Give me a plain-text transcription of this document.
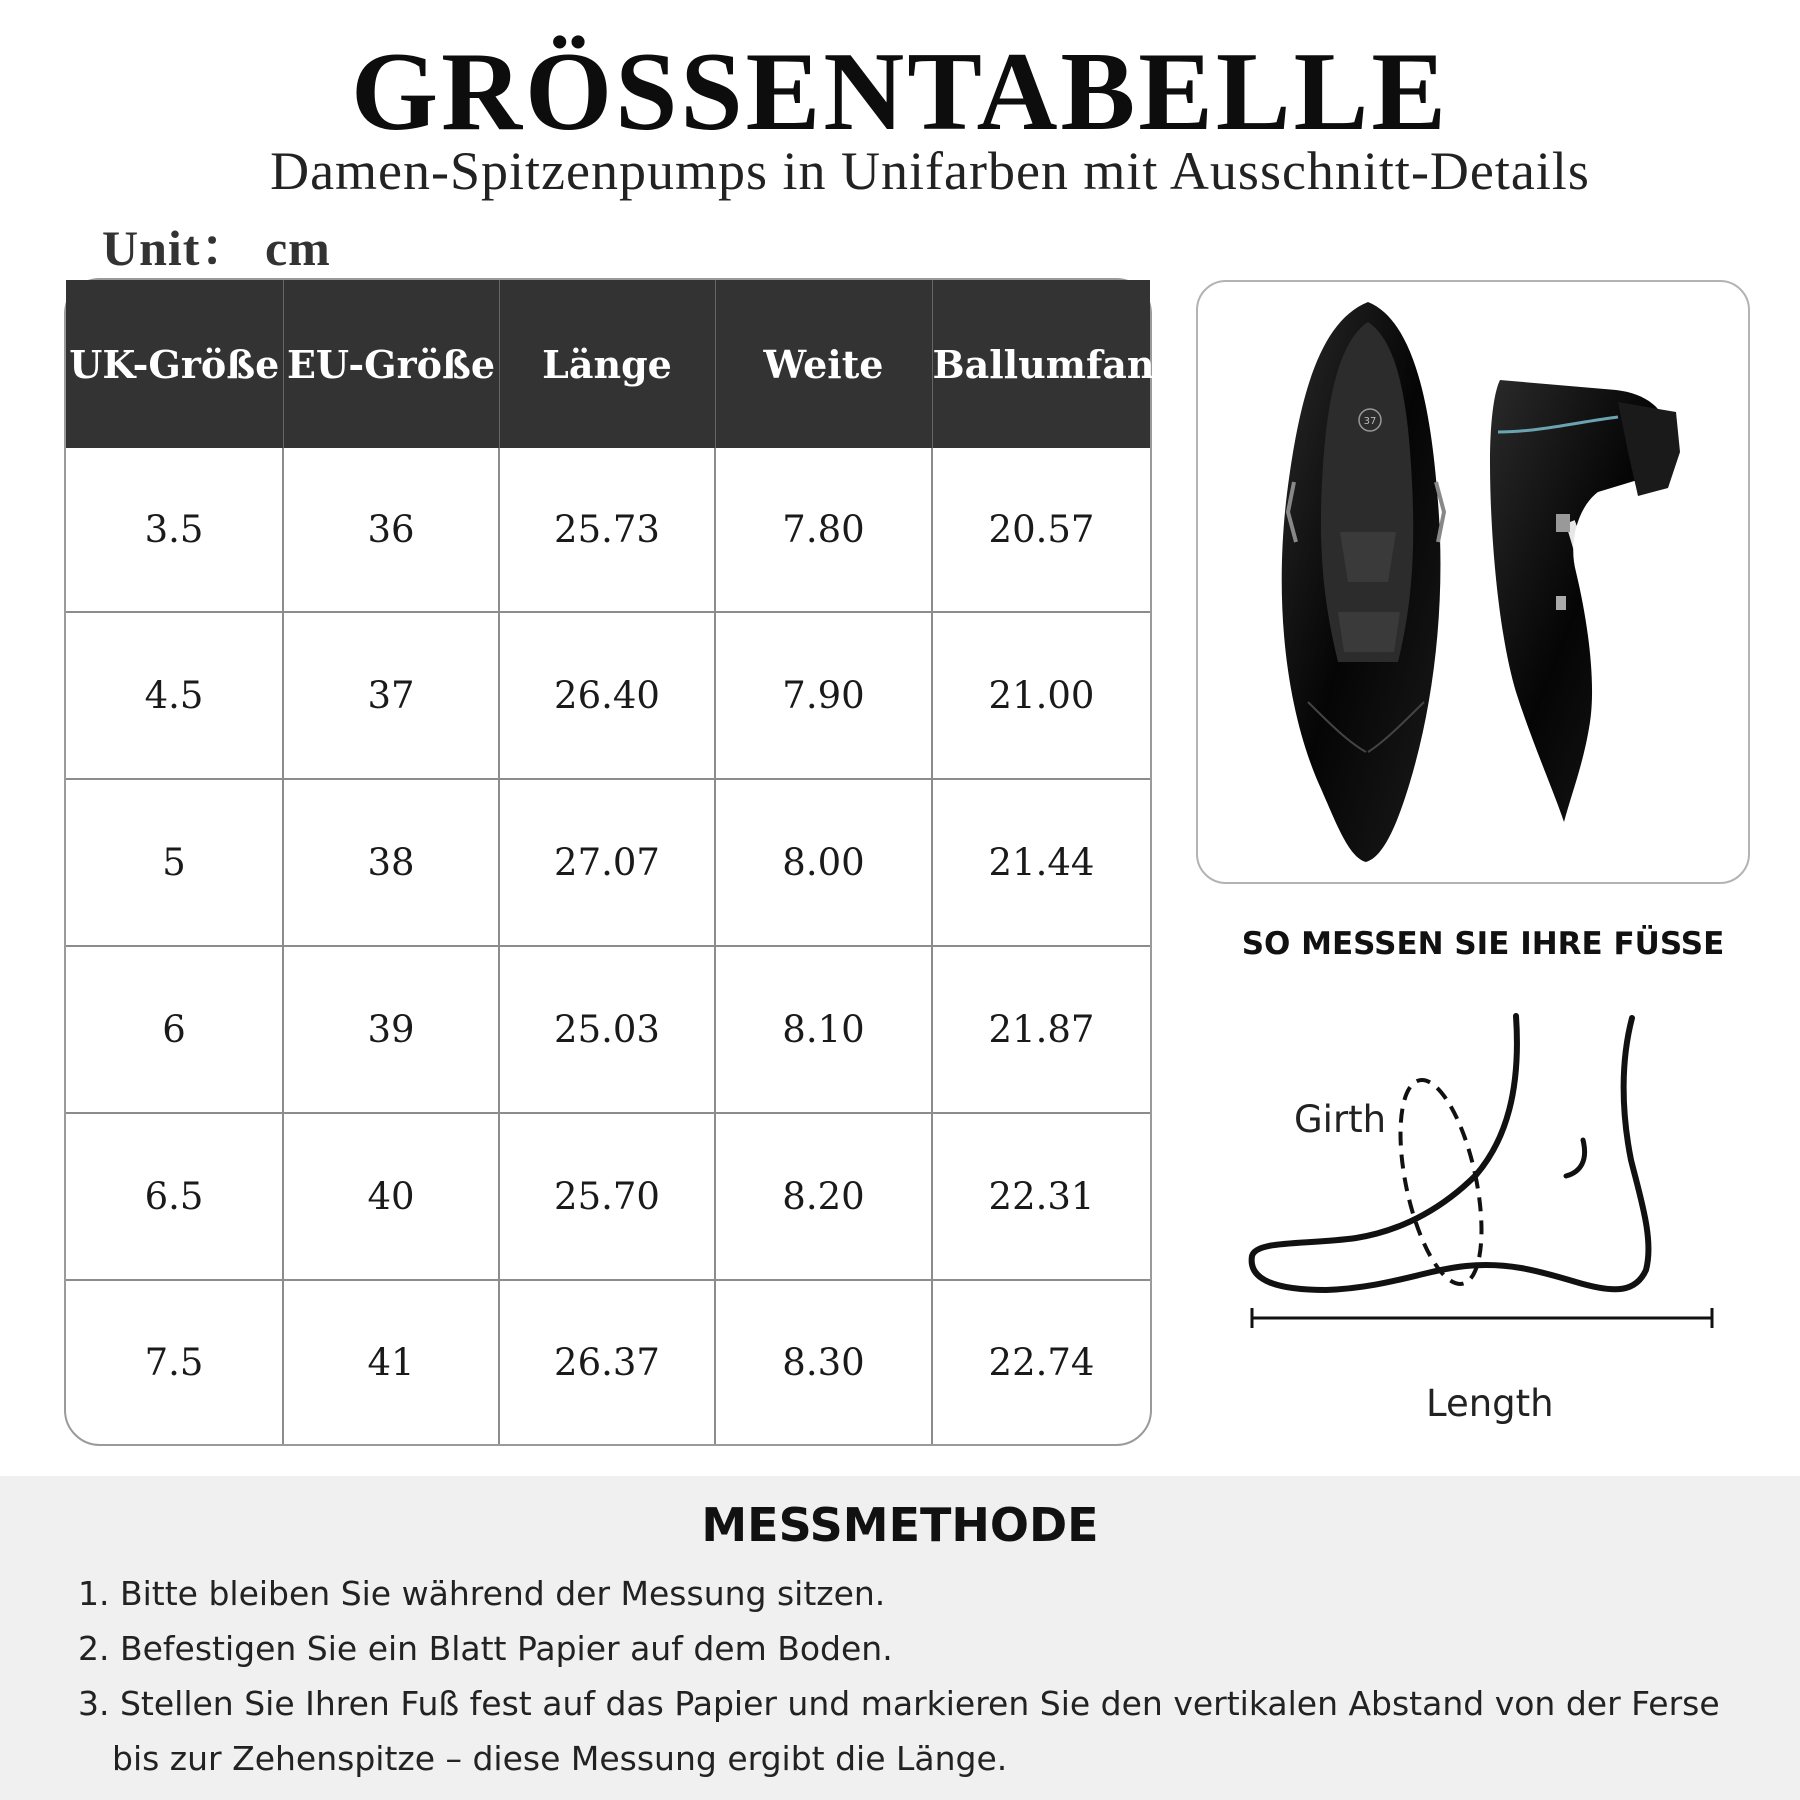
GRÖSSENTABELLE
Damen-Spitzenpumps in Unifarben mit Ausschnitt-Details
Unit： cm
UK-Größe	EU-Größe	Länge	Weite	Ballumfang
3.5	36	25.73	7.80	20.57
4.5	37	26.40	7.90	21.00
5	38	27.07	8.00	21.44
6	39	25.03	8.10	21.87
6.5	40	25.70	8.20	22.31
7.5	41	26.37	8.30	22.74
37
SO MESSEN SIE IHRE FÜSSE
Girth
Length
MESSMETHODE
1. Bitte bleiben Sie während der Messung sitzen.
2. Befestigen Sie ein Blatt Papier auf dem Boden.
3. Stellen Sie Ihren Fuß fest auf das Papier und markieren Sie den vertikalen Abstand von der Ferse bis zur Zehenspitze – diese Messung ergibt die Länge.
